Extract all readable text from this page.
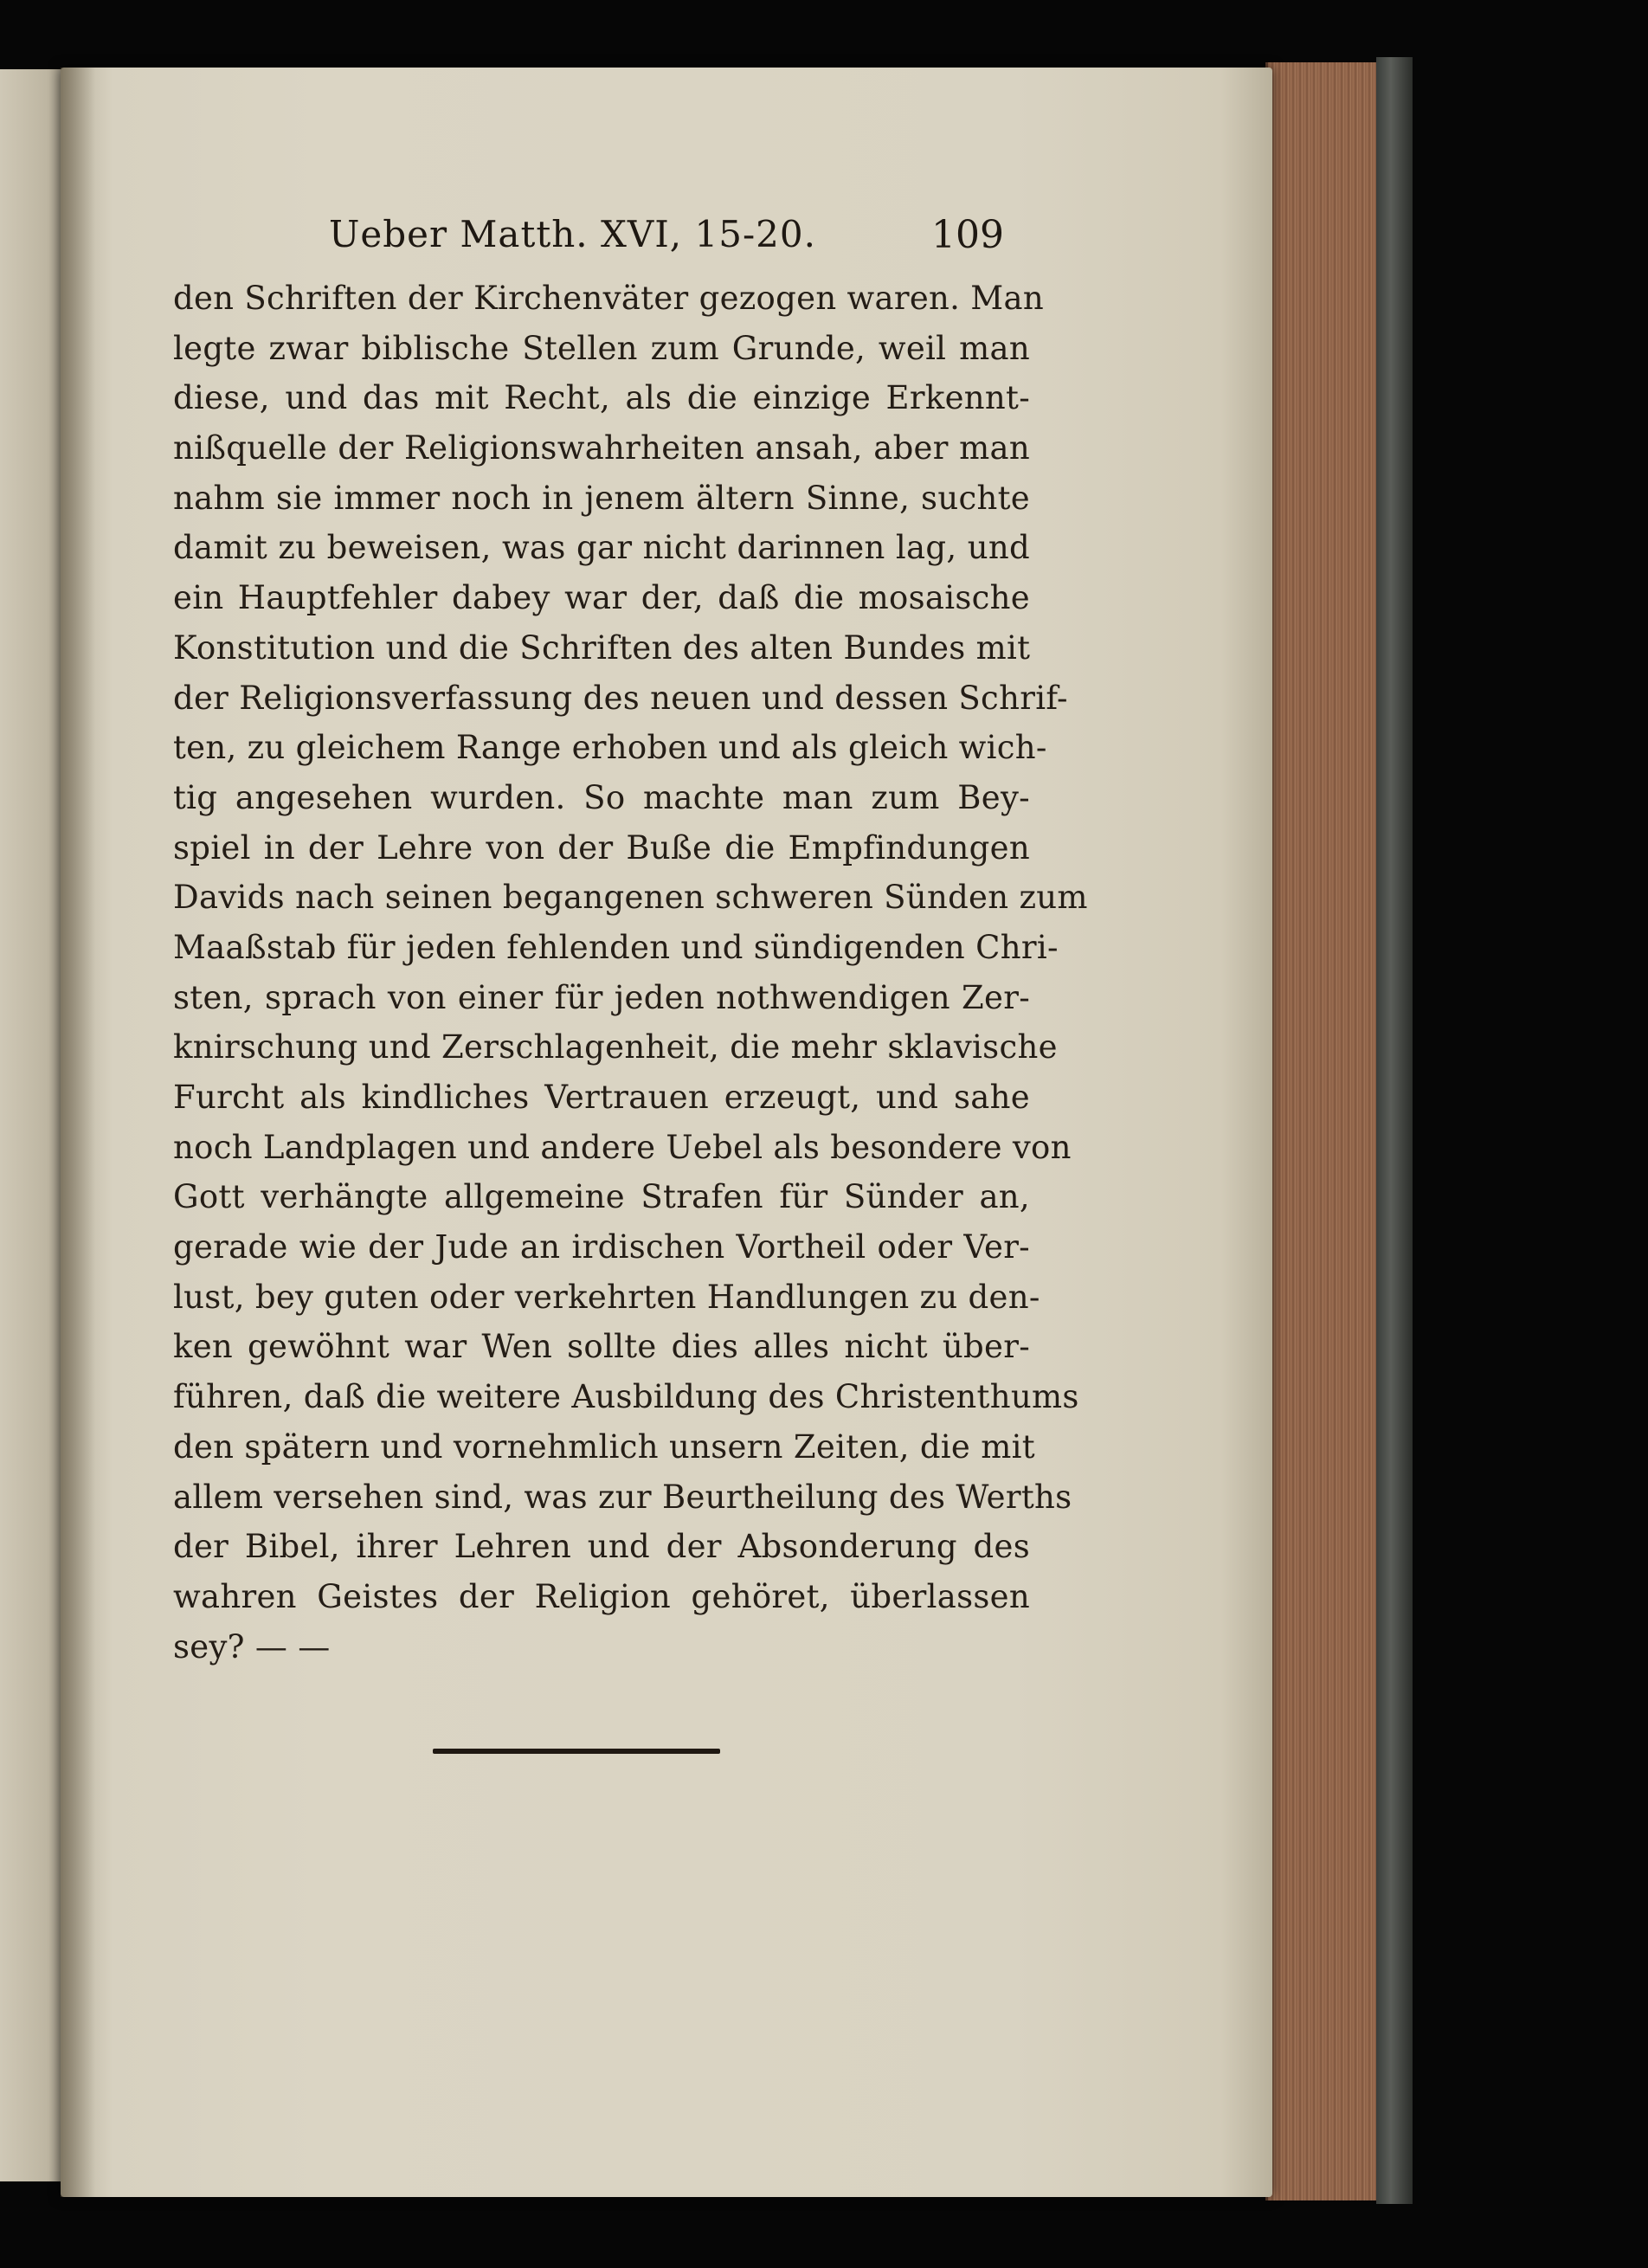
Ueber Matth. XVI, 15-20.	109
den Schriften der Kirchenväter gezogen waren. Man
legte zwar biblische Stellen zum Grunde, weil man
diese, und das mit Recht, als die einzige Erkennt-
nißquelle der Religionswahrheiten ansah, aber man
nahm sie immer noch in jenem ältern Sinne, suchte
damit zu beweisen, was gar nicht darinnen lag, und
ein Hauptfehler dabey war der, daß die mosaische
Konstitution und die Schriften des alten Bundes mit
der Religionsverfassung des neuen und dessen Schrif-
ten, zu gleichem Range erhoben und als gleich wich-
tig angesehen wurden. So machte man zum Bey-
spiel in der Lehre von der Buße die Empfindungen
Davids nach seinen begangenen schweren Sünden zum
Maaßstab für jeden fehlenden und sündigenden Chri-
sten, sprach von einer für jeden nothwendigen Zer-
knirschung und Zerschlagenheit, die mehr sklavische
Furcht als kindliches Vertrauen erzeugt, und sahe
noch Landplagen und andere Uebel als besondere von
Gott verhängte allgemeine Strafen für Sünder an,
gerade wie der Jude an irdischen Vortheil oder Ver-
lust, bey guten oder verkehrten Handlungen zu den-
ken gewöhnt war Wen sollte dies alles nicht über-
führen, daß die weitere Ausbildung des Christenthums
den spätern und vornehmlich unsern Zeiten, die mit
allem versehen sind, was zur Beurtheilung des Werths
der Bibel, ihrer Lehren und der Absonderung des
wahren Geistes der Religion gehöret, überlassen
sey? — —
